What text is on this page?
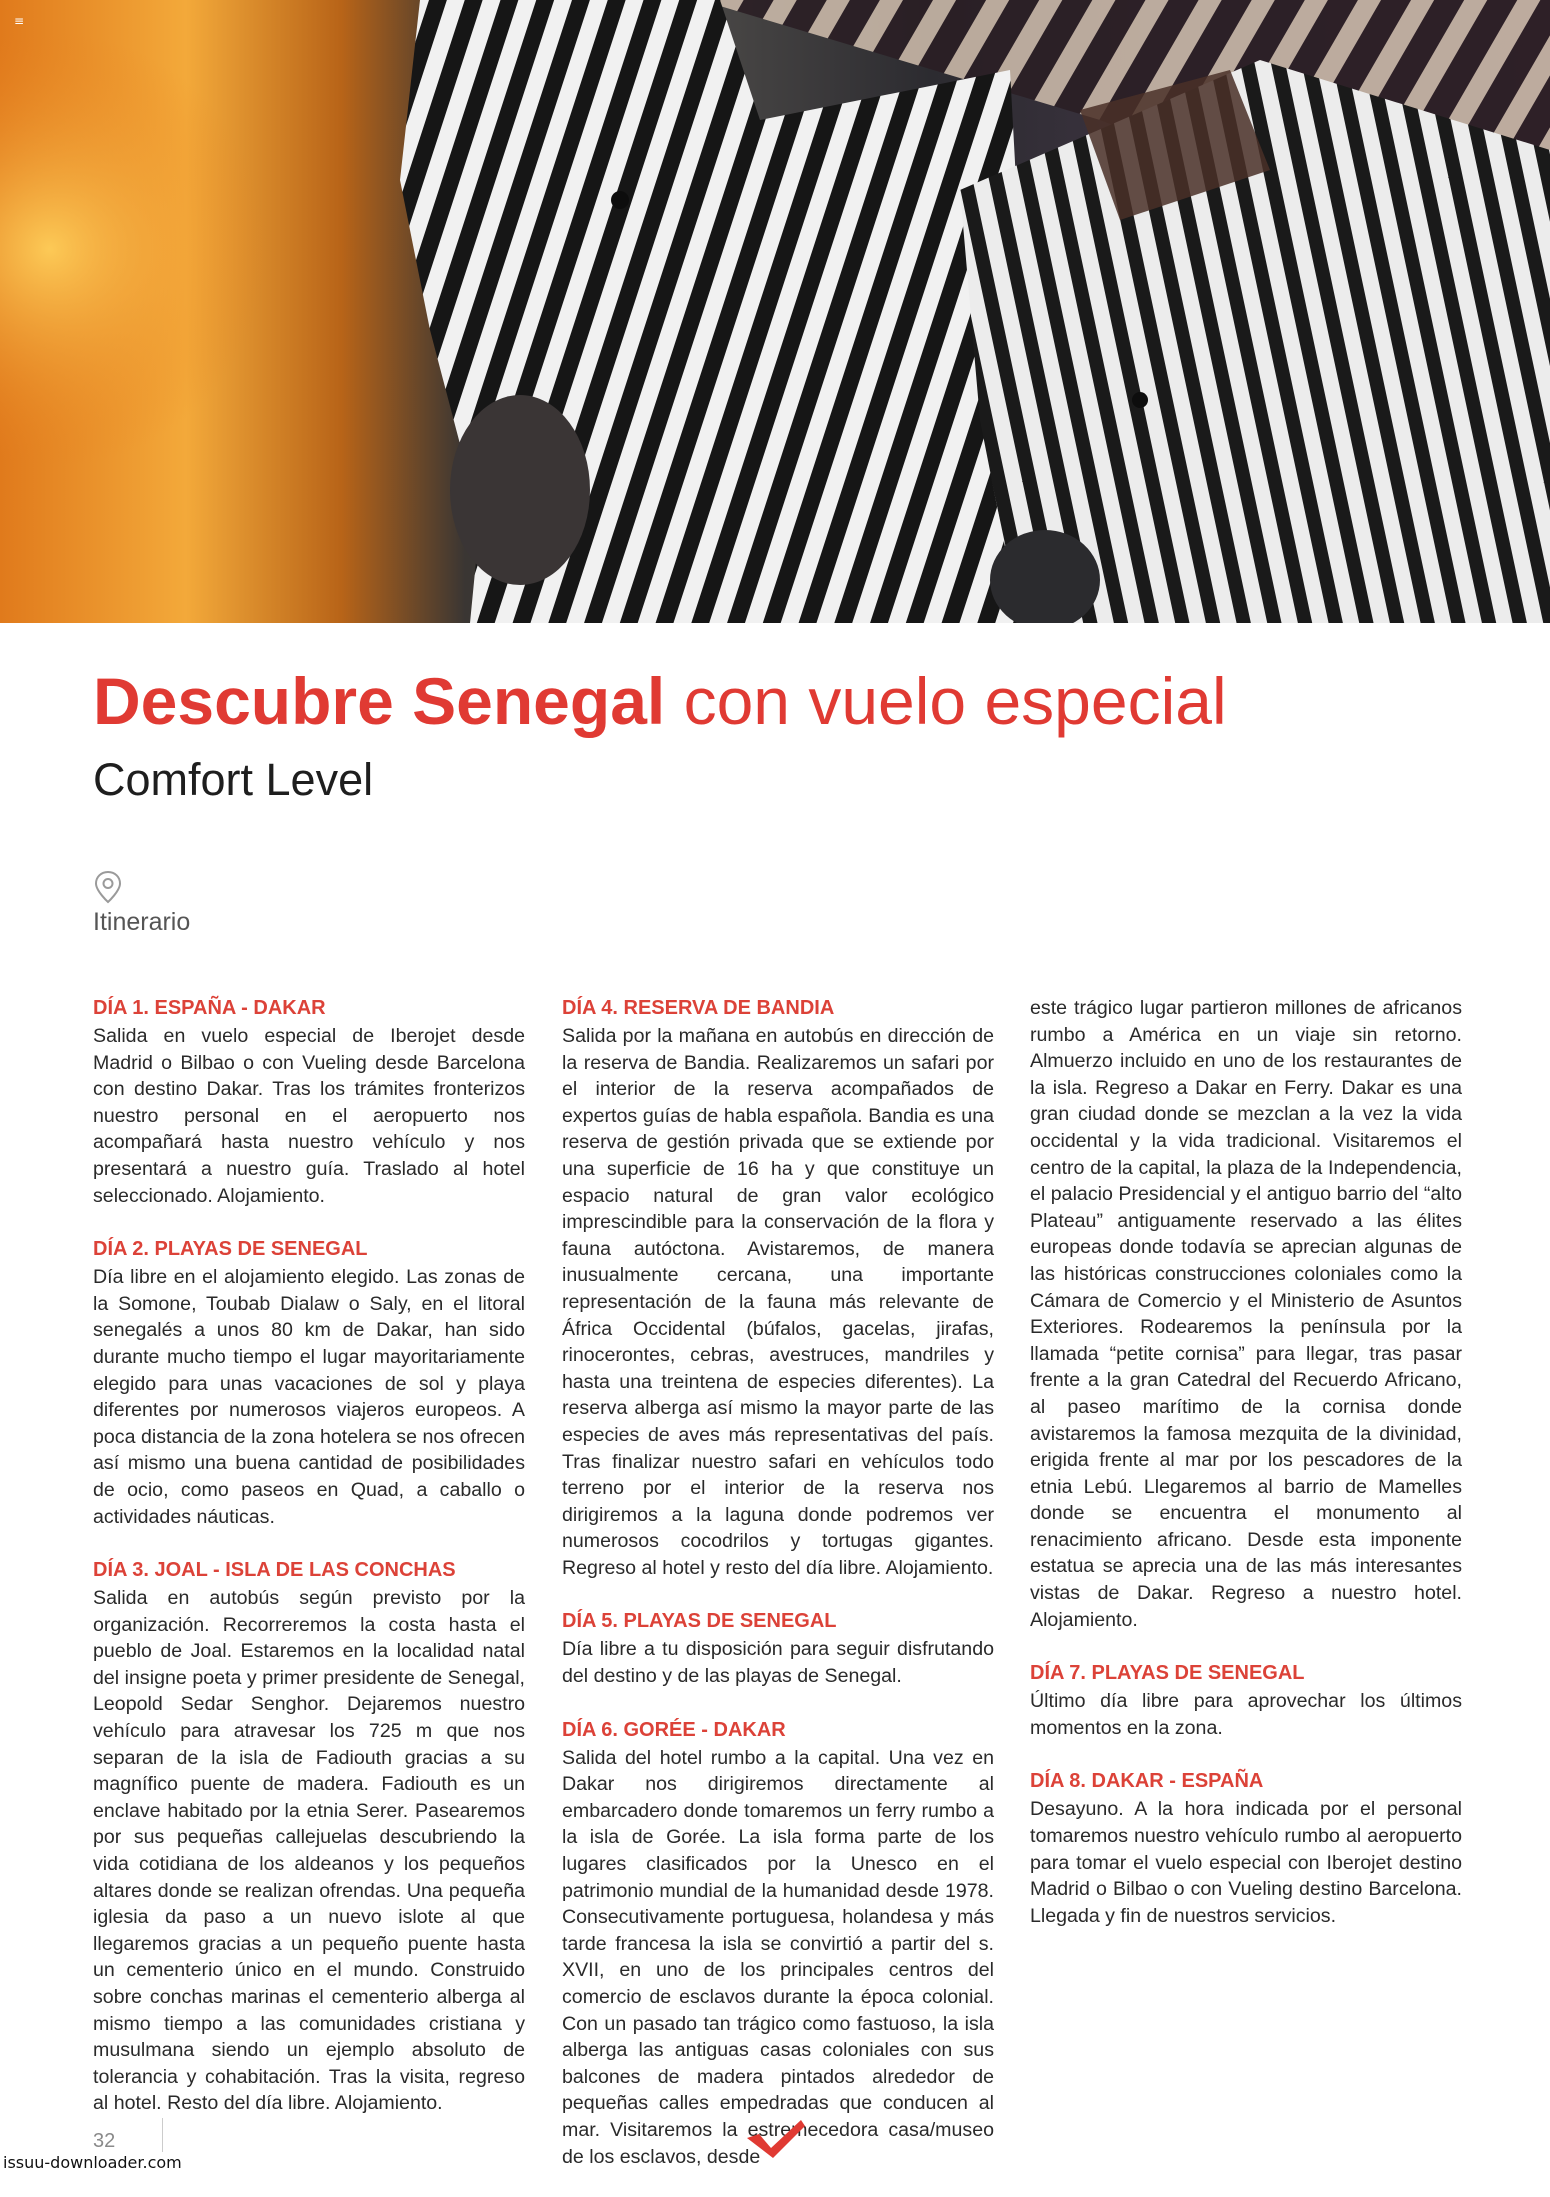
≡
Descubre Senegal con vuelo especial
Comfort Level
Itinerario
DÍA 1. ESPAÑA - DAKAR

Salida en vuelo especial de Iberojet desde Madrid o Bilbao o con Vueling desde Barcelona con destino Dakar. Tras los trámites fronterizos nuestro personal en el aeropuerto nos acompañará hasta nuestro vehículo y nos presentará a nuestro guía. Traslado al hotel seleccionado. Alojamiento.

DÍA 2. PLAYAS DE SENEGAL

Día libre en el alojamiento elegido. Las zonas de la Somone, Toubab Dialaw o Saly, en el litoral senegalés a unos 80 km de Dakar, han sido durante mucho tiempo el lugar mayoritariamente elegido para unas vacaciones de sol y playa diferentes por numerosos viajeros europeos. A poca distancia de la zona hotelera se nos ofrecen así mismo una buena cantidad de posibilidades de ocio, como paseos en Quad, a caballo o actividades náuticas.

DÍA 3. JOAL - ISLA DE LAS CONCHAS

Salida en autobús según previsto por la organización. Recorreremos la costa hasta el pueblo de Joal. Estaremos en la localidad natal del insigne poeta y primer presidente de Senegal, Leopold Sedar Senghor. Dejaremos nuestro vehículo para atravesar los 725 m que nos separan de la isla de Fadiouth gracias a su magnífico puente de madera. Fadiouth es un enclave habitado por la etnia Serer. Pasearemos por sus pequeñas callejuelas descubriendo la vida cotidiana de los aldeanos y los pequeños altares donde se realizan ofrendas. Una pequeña iglesia da paso a un nuevo islote al que llegaremos gracias a un pequeño puente hasta un cementerio único en el mundo. Construido sobre conchas marinas el cementerio alberga al mismo tiempo a las comunidades cristiana y musulmana siendo un ejemplo absoluto de tolerancia y cohabitación. Tras la visita, regreso al hotel. Resto del día libre. Alojamiento.

DÍA 4. RESERVA DE BANDIA

Salida por la mañana en autobús en dirección de la reserva de Bandia. Realizaremos un safari por el interior de la reserva acompañados de expertos guías de habla española. Bandia es una reserva de gestión privada que se extiende por una superficie de 16 ha y que constituye un espacio natural de gran valor ecológico imprescindible para la conservación de la flora y fauna autóctona. Avistaremos, de manera inusualmente cercana, una importante representación de la fauna más relevante de África Occidental (búfalos, gacelas, jirafas, rinocerontes, cebras, avestruces, mandriles y hasta una treintena de especies diferentes). La reserva alberga así mismo la mayor parte de las especies de aves más representativas del país. Tras finalizar nuestro safari en vehículos todo terreno por el interior de la reserva nos dirigiremos a la laguna donde podremos ver numerosos cocodrilos y tortugas gigantes. Regreso al hotel y resto del día libre. Alojamiento.

DÍA 5. PLAYAS DE SENEGAL

Día libre a tu disposición para seguir disfrutando del destino y de las playas de Senegal.

DÍA 6. GORÉE - DAKAR

Salida del hotel rumbo a la capital. Una vez en Dakar nos dirigiremos directamente al embarcadero donde tomaremos un ferry rumbo a la isla de Gorée. La isla forma parte de los lugares clasificados por la Unesco en el patrimonio mundial de la humanidad desde 1978. Consecutivamente portuguesa, holandesa y más tarde francesa la isla se convirtió a partir del s. XVII, en uno de los principales centros del comercio de esclavos durante la época colonial. Con un pasado tan trágico como fastuoso, la isla alberga las antiguas casas coloniales con sus balcones de madera pintados alrededor de pequeñas calles empedradas que conducen al mar. Visitaremos la estremecedora casa/museo de los esclavos, desde

este trágico lugar partieron millones de africanos rumbo a América en un viaje sin retorno. Almuerzo incluido en uno de los restaurantes de la isla. Regreso a Dakar en Ferry. Dakar es una gran ciudad donde se mezclan a la vez la vida occidental y la vida tradicional. Visitaremos el centro de la capital, la plaza de la Independencia, el palacio Presidencial y el antiguo barrio del “alto Plateau” antiguamente reservado a las élites europeas donde todavía se aprecian algunas de las históricas construcciones coloniales como la Cámara de Comercio y el Ministerio de Asuntos Exteriores. Rodearemos la península por la llamada “petite cornisa” para llegar, tras pasar frente a la gran Catedral del Recuerdo Africano, al paseo marítimo de la cornisa donde avistaremos la famosa mezquita de la divinidad, erigida frente al mar por los pescadores de la etnia Lebú. Llegaremos al barrio de Mamelles donde se encuentra el monumento al renacimiento africano. Desde esta imponente estatua se aprecia una de las más interesantes vistas de Dakar. Regreso a nuestro hotel. Alojamiento.

DÍA 7. PLAYAS DE SENEGAL

Último día libre para aprovechar los últimos momentos en la zona.

DÍA 8. DAKAR - ESPAÑA

Desayuno. A la hora indicada por el personal tomaremos nuestro vehículo rumbo al aeropuerto para tomar el vuelo especial con Iberojet destino Madrid o Bilbao o con Vueling destino Barcelona. Llegada y fin de nuestros servicios.

32
issuu-downloader.com
